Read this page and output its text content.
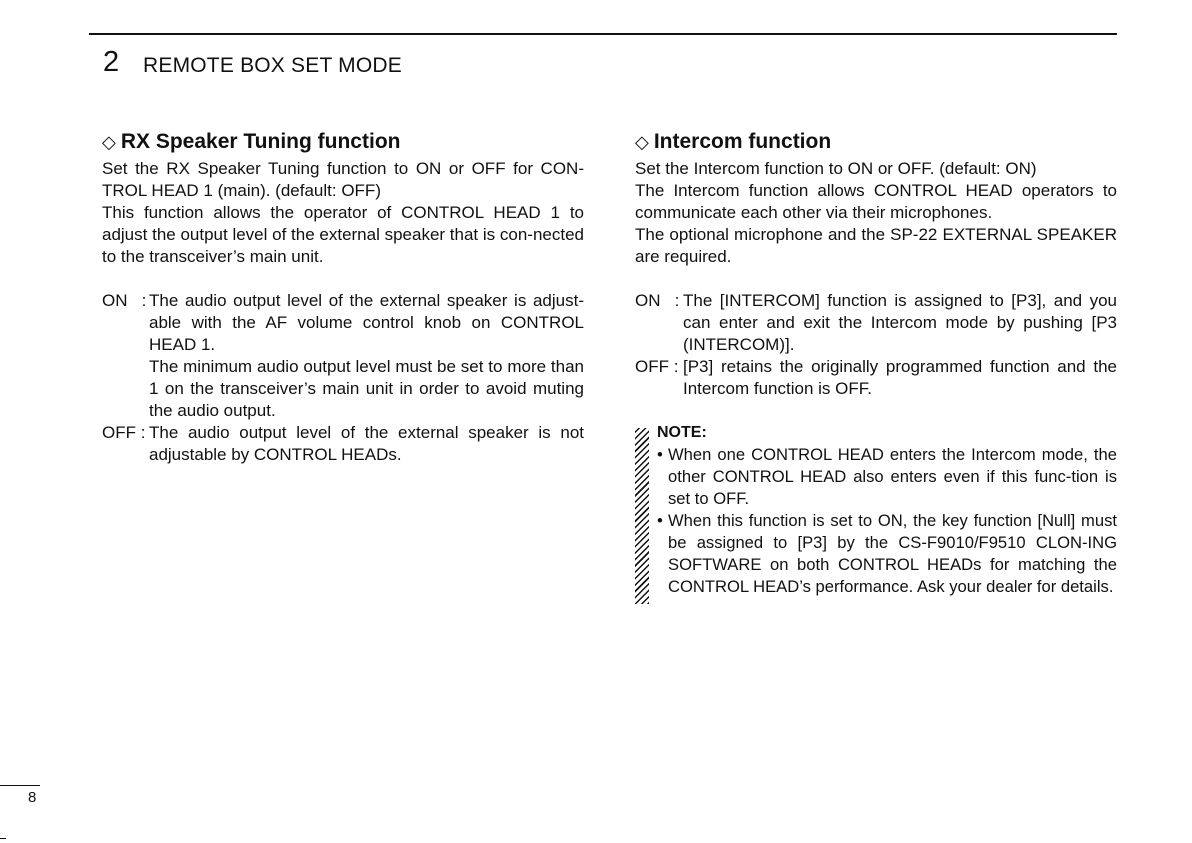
2 REMOTE BOX SET MODE
◇ RX Speaker Tuning function

Set the RX Speaker Tuning function to ON or OFF for CON-TROL HEAD 1 (main). (default: OFF)

This function allows the operator of CONTROL HEAD 1 to adjust the output level of the external speaker that is con-nected to the transceiver’s main unit.

ON   :

The audio output level of the external speaker is adjust-able with the AF volume control knob on CONTROL HEAD 1.

The minimum audio output level must be set to more than 1 on the transceiver’s main unit in order to avoid muting the audio output.

OFF :

The audio output level of the external speaker is not adjustable by CONTROL HEADs.

◇ Intercom function

Set the Intercom function to ON or OFF. (default: ON)

The Intercom function allows CONTROL HEAD operators to communicate each other via their microphones.

The optional microphone and the SP-22 EXTERNAL SPEAKER are required.

ON   :

The [INTERCOM] function is assigned to [P3], and you can enter and exit the Intercom mode by pushing [P3 (INTERCOM)].

OFF : [P3] retains the originally programmed function and the Intercom function is OFF.

NOTE:
• When one CONTROL HEAD enters the Intercom mode, the other CONTROL HEAD also enters even if this func-tion is set to OFF.
• When this function is set to ON, the key function [Null] must be assigned to [P3] by the CS-F9010/F9510 CLON-ING SOFTWARE on both CONTROL HEADs for matching the CONTROL HEAD’s performance. Ask your dealer for details.
8
